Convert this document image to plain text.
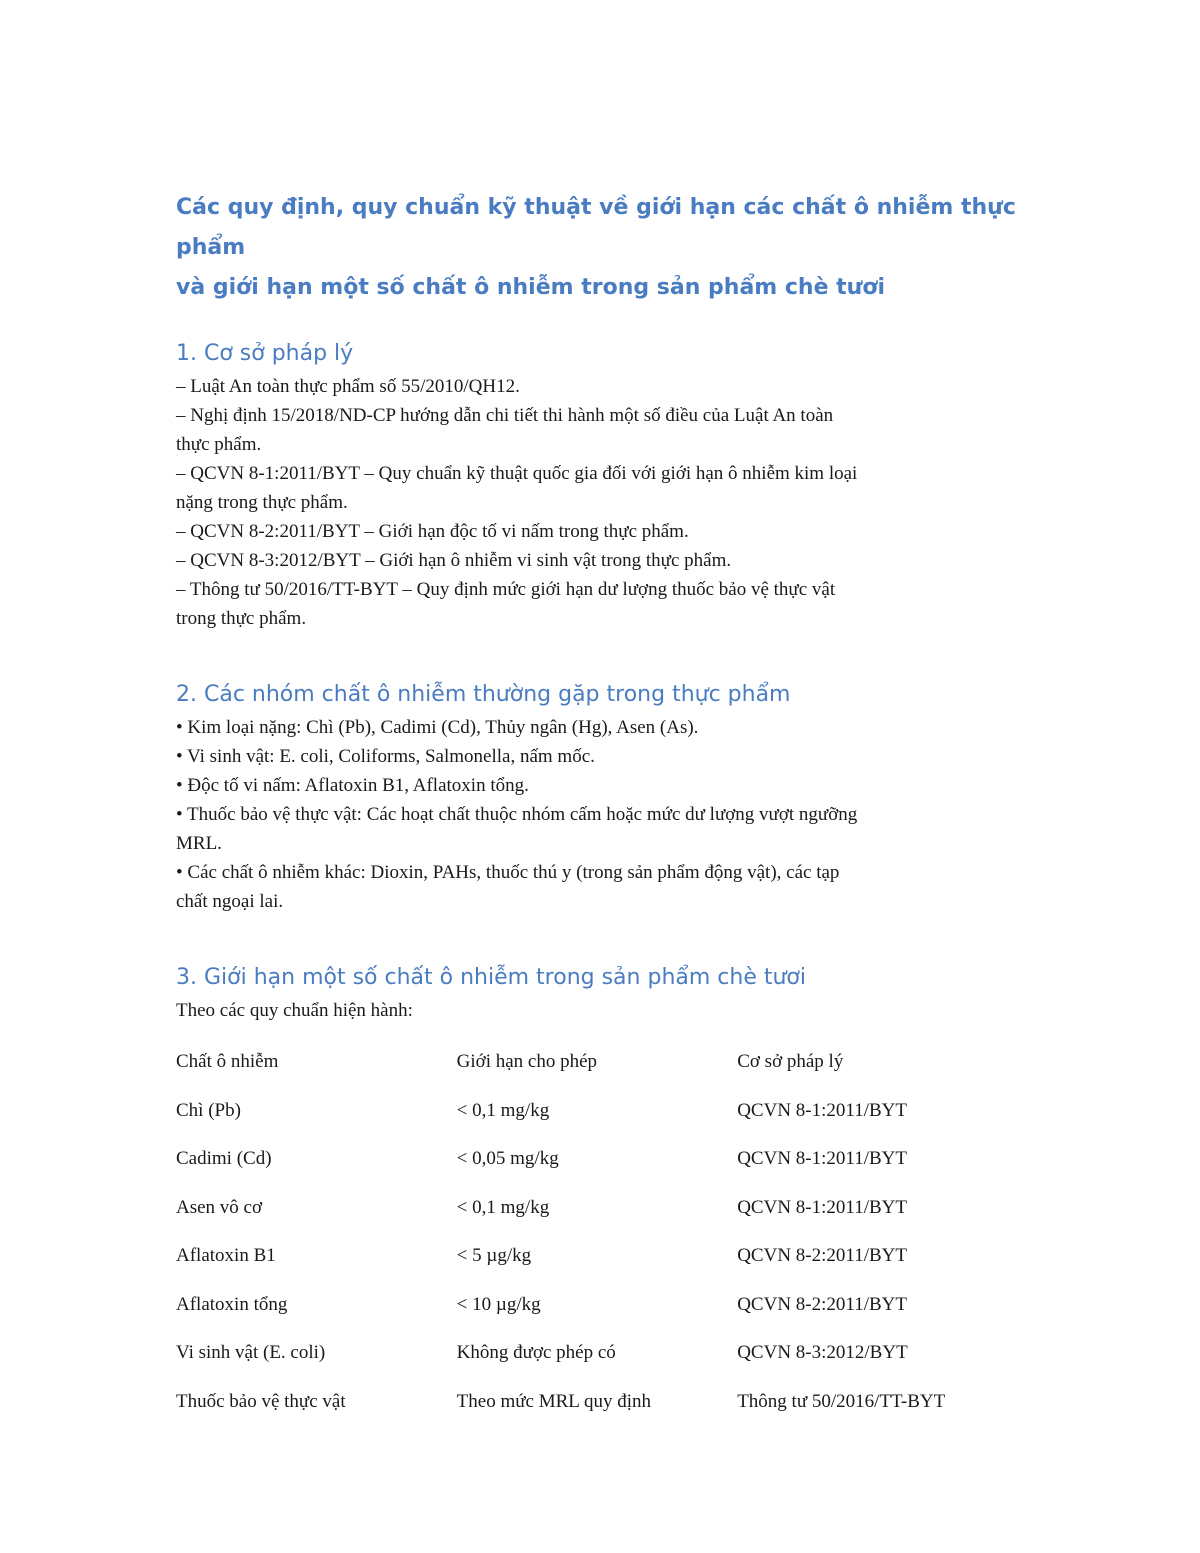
Các quy định, quy chuẩn kỹ thuật về giới hạn các chất ô nhiễm thực phẩm
và giới hạn một số chất ô nhiễm trong sản phẩm chè tươi
1. Cơ sở pháp lý
– Luật An toàn thực phẩm số 55/2010/QH12.
– Nghị định 15/2018/ND-CP hướng dẫn chi tiết thi hành một số điều của Luật An toàn
thực phẩm.
– QCVN 8-1:2011/BYT – Quy chuẩn kỹ thuật quốc gia đối với giới hạn ô nhiễm kim loại
nặng trong thực phẩm.
– QCVN 8-2:2011/BYT – Giới hạn độc tố vi nấm trong thực phẩm.
– QCVN 8-3:2012/BYT – Giới hạn ô nhiễm vi sinh vật trong thực phẩm.
– Thông tư 50/2016/TT-BYT – Quy định mức giới hạn dư lượng thuốc bảo vệ thực vật
trong thực phẩm.
2. Các nhóm chất ô nhiễm thường gặp trong thực phẩm
• Kim loại nặng: Chì (Pb), Cadimi (Cd), Thủy ngân (Hg), Asen (As).
• Vi sinh vật: E. coli, Coliforms, Salmonella, nấm mốc.
• Độc tố vi nấm: Aflatoxin B1, Aflatoxin tổng.
• Thuốc bảo vệ thực vật: Các hoạt chất thuộc nhóm cấm hoặc mức dư lượng vượt ngưỡng
MRL.
• Các chất ô nhiễm khác: Dioxin, PAHs, thuốc thú y (trong sản phẩm động vật), các tạp
chất ngoại lai.
3. Giới hạn một số chất ô nhiễm trong sản phẩm chè tươi

Theo các quy chuẩn hiện hành:

Chất ô nhiễm	Giới hạn cho phép	Cơ sở pháp lý
Chì (Pb)	< 0,1 mg/kg	QCVN 8-1:2011/BYT
Cadimi (Cd)	< 0,05 mg/kg	QCVN 8-1:2011/BYT
Asen vô cơ	< 0,1 mg/kg	QCVN 8-1:2011/BYT
Aflatoxin B1	< 5 µg/kg	QCVN 8-2:2011/BYT
Aflatoxin tổng	< 10 µg/kg	QCVN 8-2:2011/BYT
Vi sinh vật (E. coli)	Không được phép có	QCVN 8-3:2012/BYT
Thuốc bảo vệ thực vật	Theo mức MRL quy định	Thông tư 50/2016/TT-BYT
